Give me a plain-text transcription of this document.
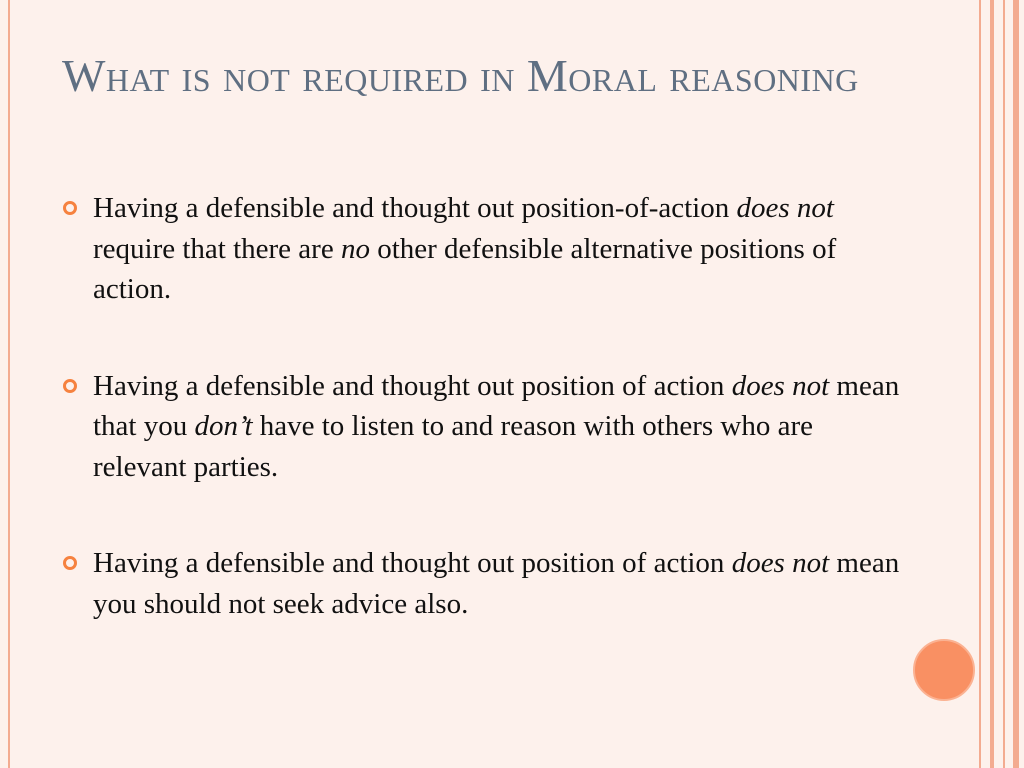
What is not required in Moral reasoning
Having a defensible and thought out position-of-action does not require that there are no other defensible alternative positions of action.
Having a defensible and thought out position of action does not mean that you don’t have to listen to and reason with others who are relevant parties.
Having a defensible and thought out position of action does not mean you should not seek advice also.
